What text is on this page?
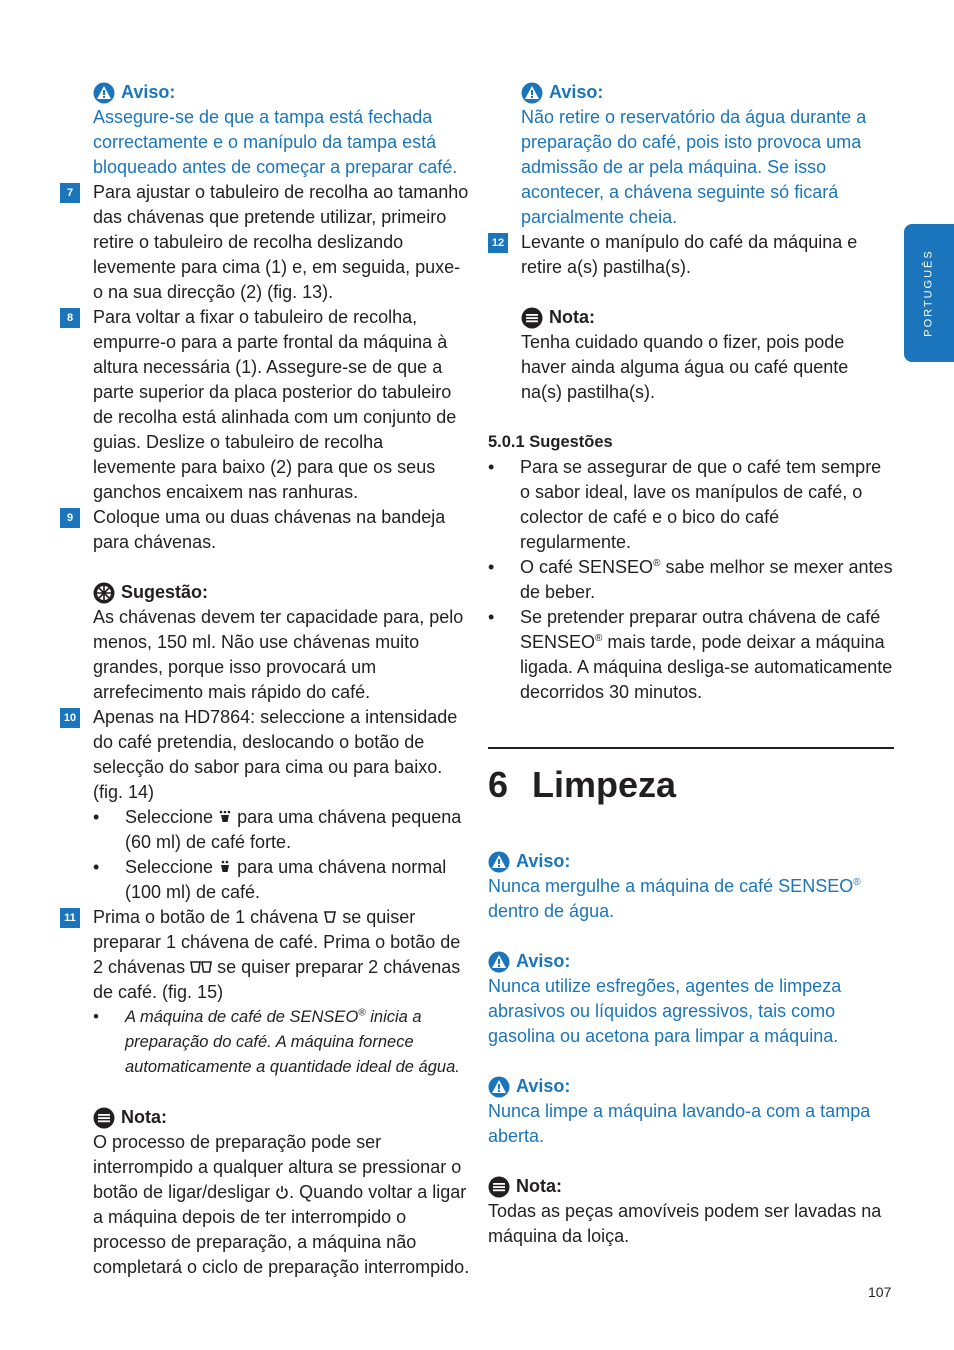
Aviso:
Assegure-se de que a tampa está fechada correctamente e o manípulo da tampa está bloqueado antes de começar a preparar café.
7	Para ajustar o tabuleiro de recolha ao tamanho das chávenas que pretende utilizar, primeiro retire o tabuleiro de recolha deslizando levemente para cima (1) e, em seguida, puxe-o na sua direcção (2) (fig. 13).
8	Para voltar a fixar o tabuleiro de recolha, empurre-o para a parte frontal da máquina à altura necessária (1). Assegure-se de que a parte superior da placa posterior do tabuleiro de recolha está alinhada com um conjunto de guias. Deslize o tabuleiro de recolha levemente para baixo (2) para que os seus ganchos encaixem nas ranhuras.
9	Coloque uma ou duas chávenas na bandeja para chávenas.
Sugestão:
As chávenas devem ter capacidade para, pelo menos, 150 ml. Não use chávenas muito grandes, porque isso provocará um arrefecimento mais rápido do café.
10 Apenas na HD7864: seleccione a intensidade do café pretendia, deslocando o botão de selecção do sabor para cima ou para baixo. (fig. 14)
• Seleccione para uma chávena pequena (60 ml) de café forte.
• Seleccione para uma chávena normal (100 ml) de café.
11 Prima o botão de 1 chávena se quiser preparar 1 chávena de café. Prima o botão de 2 chávenas se quiser preparar 2 chávenas de café. (fig. 15)
• A máquina de café de SENSEO® inicia a preparação do café. A máquina fornece automaticamente a quantidade ideal de água.
Nota:
O processo de preparação pode ser interrompido a qualquer altura se pressionar o botão de ligar/desligar . Quando voltar a ligar a máquina depois de ter interrompido o processo de preparação, a máquina não completará o ciclo de preparação interrompido.
Aviso:
Não retire o reservatório da água durante a preparação do café, pois isto provoca uma admissão de ar pela máquina. Se isso acontecer, a chávena seguinte só ficará parcialmente cheia.
12 Levante o manípulo do café da máquina e retire a(s) pastilha(s).
Nota:
Tenha cuidado quando o fizer, pois pode haver ainda alguma água ou café quente na(s) pastilha(s).
5.0.1 Sugestões
• Para se assegurar de que o café tem sempre o sabor ideal, lave os manípulos de café, o colector de café e o bico do café regularmente.
• O café SENSEO® sabe melhor se mexer antes de beber.
• Se pretender preparar outra chávena de café SENSEO® mais tarde, pode deixar a máquina ligada. A máquina desliga-se automaticamente decorridos 30 minutos.
6 Limpeza
Aviso:
Nunca mergulhe a máquina de café SENSEO® dentro de água.
Aviso:
Nunca utilize esfregões, agentes de limpeza abrasivos ou líquidos agressivos, tais como gasolina ou acetona para limpar a máquina.
Aviso:
Nunca limpe a máquina lavando-a com a tampa aberta.
Nota:
Todas as peças amovíveis podem ser lavadas na máquina da loiça.
PORTUGUÊS
107
